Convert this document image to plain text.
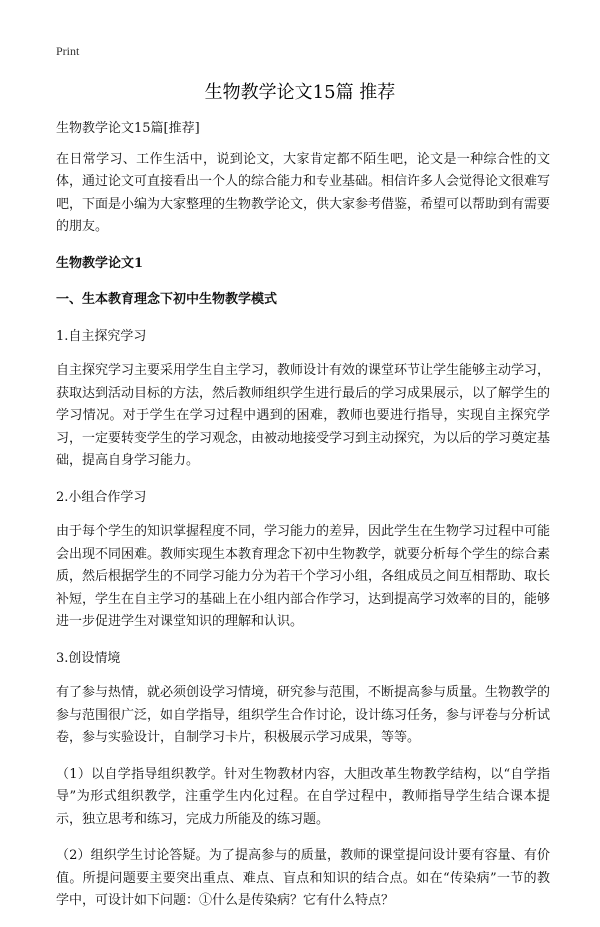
Print
生物教学论文15篇 推荐

生物教学论文15篇[推荐]

在日常学习、工作生活中，说到论文，大家肯定都不陌生吧，论文是一种综合性的文体，通过论文可直接看出一个人的综合能力和专业基础。相信许多人会觉得论文很难写吧，下面是小编为大家整理的生物教学论文，供大家参考借鉴，希望可以帮助到有需要的朋友。

生物教学论文1

一、生本教育理念下初中生物教学模式

1.自主探究学习

自主探究学习主要采用学生自主学习，教师设计有效的课堂环节让学生能够主动学习，获取达到活动目标的方法，然后教师组织学生进行最后的学习成果展示，以了解学生的学习情况。对于学生在学习过程中遇到的困难，教师也要进行指导，实现自主探究学习，一定要转变学生的学习观念，由被动地接受学习到主动探究，为以后的学习奠定基础，提高自身学习能力。

2.小组合作学习

由于每个学生的知识掌握程度不同，学习能力的差异，因此学生在生物学习过程中可能会出现不同困难。教师实现生本教育理念下初中生物教学，就要分析每个学生的综合素质，然后根据学生的不同学习能力分为若干个学习小组，各组成员之间互相帮助、取长补短，学生在自主学习的基础上在小组内部合作学习，达到提高学习效率的目的，能够进一步促进学生对课堂知识的理解和认识。

3.创设情境

有了参与热情，就必须创设学习情境，研究参与范围，不断提高参与质量。生物教学的参与范围很广泛，如自学指导，组织学生合作讨论，设计练习任务，参与评卷与分析试卷，参与实验设计，自制学习卡片，积极展示学习成果，等等。

（1）以自学指导组织教学。针对生物教材内容，大胆改革生物教学结构，以“自学指导”为形式组织教学，注重学生内化过程。在自学过程中，教师指导学生结合课本提示，独立思考和练习，完成力所能及的练习题。

（2）组织学生讨论答疑。为了提高参与的质量，教师的课堂提问设计要有容量、有价值。所提问题要主要突出重点、难点、盲点和知识的结合点。如在“传染病”一节的教学中，可设计如下问题：①什么是传染病？它有什么特点？
